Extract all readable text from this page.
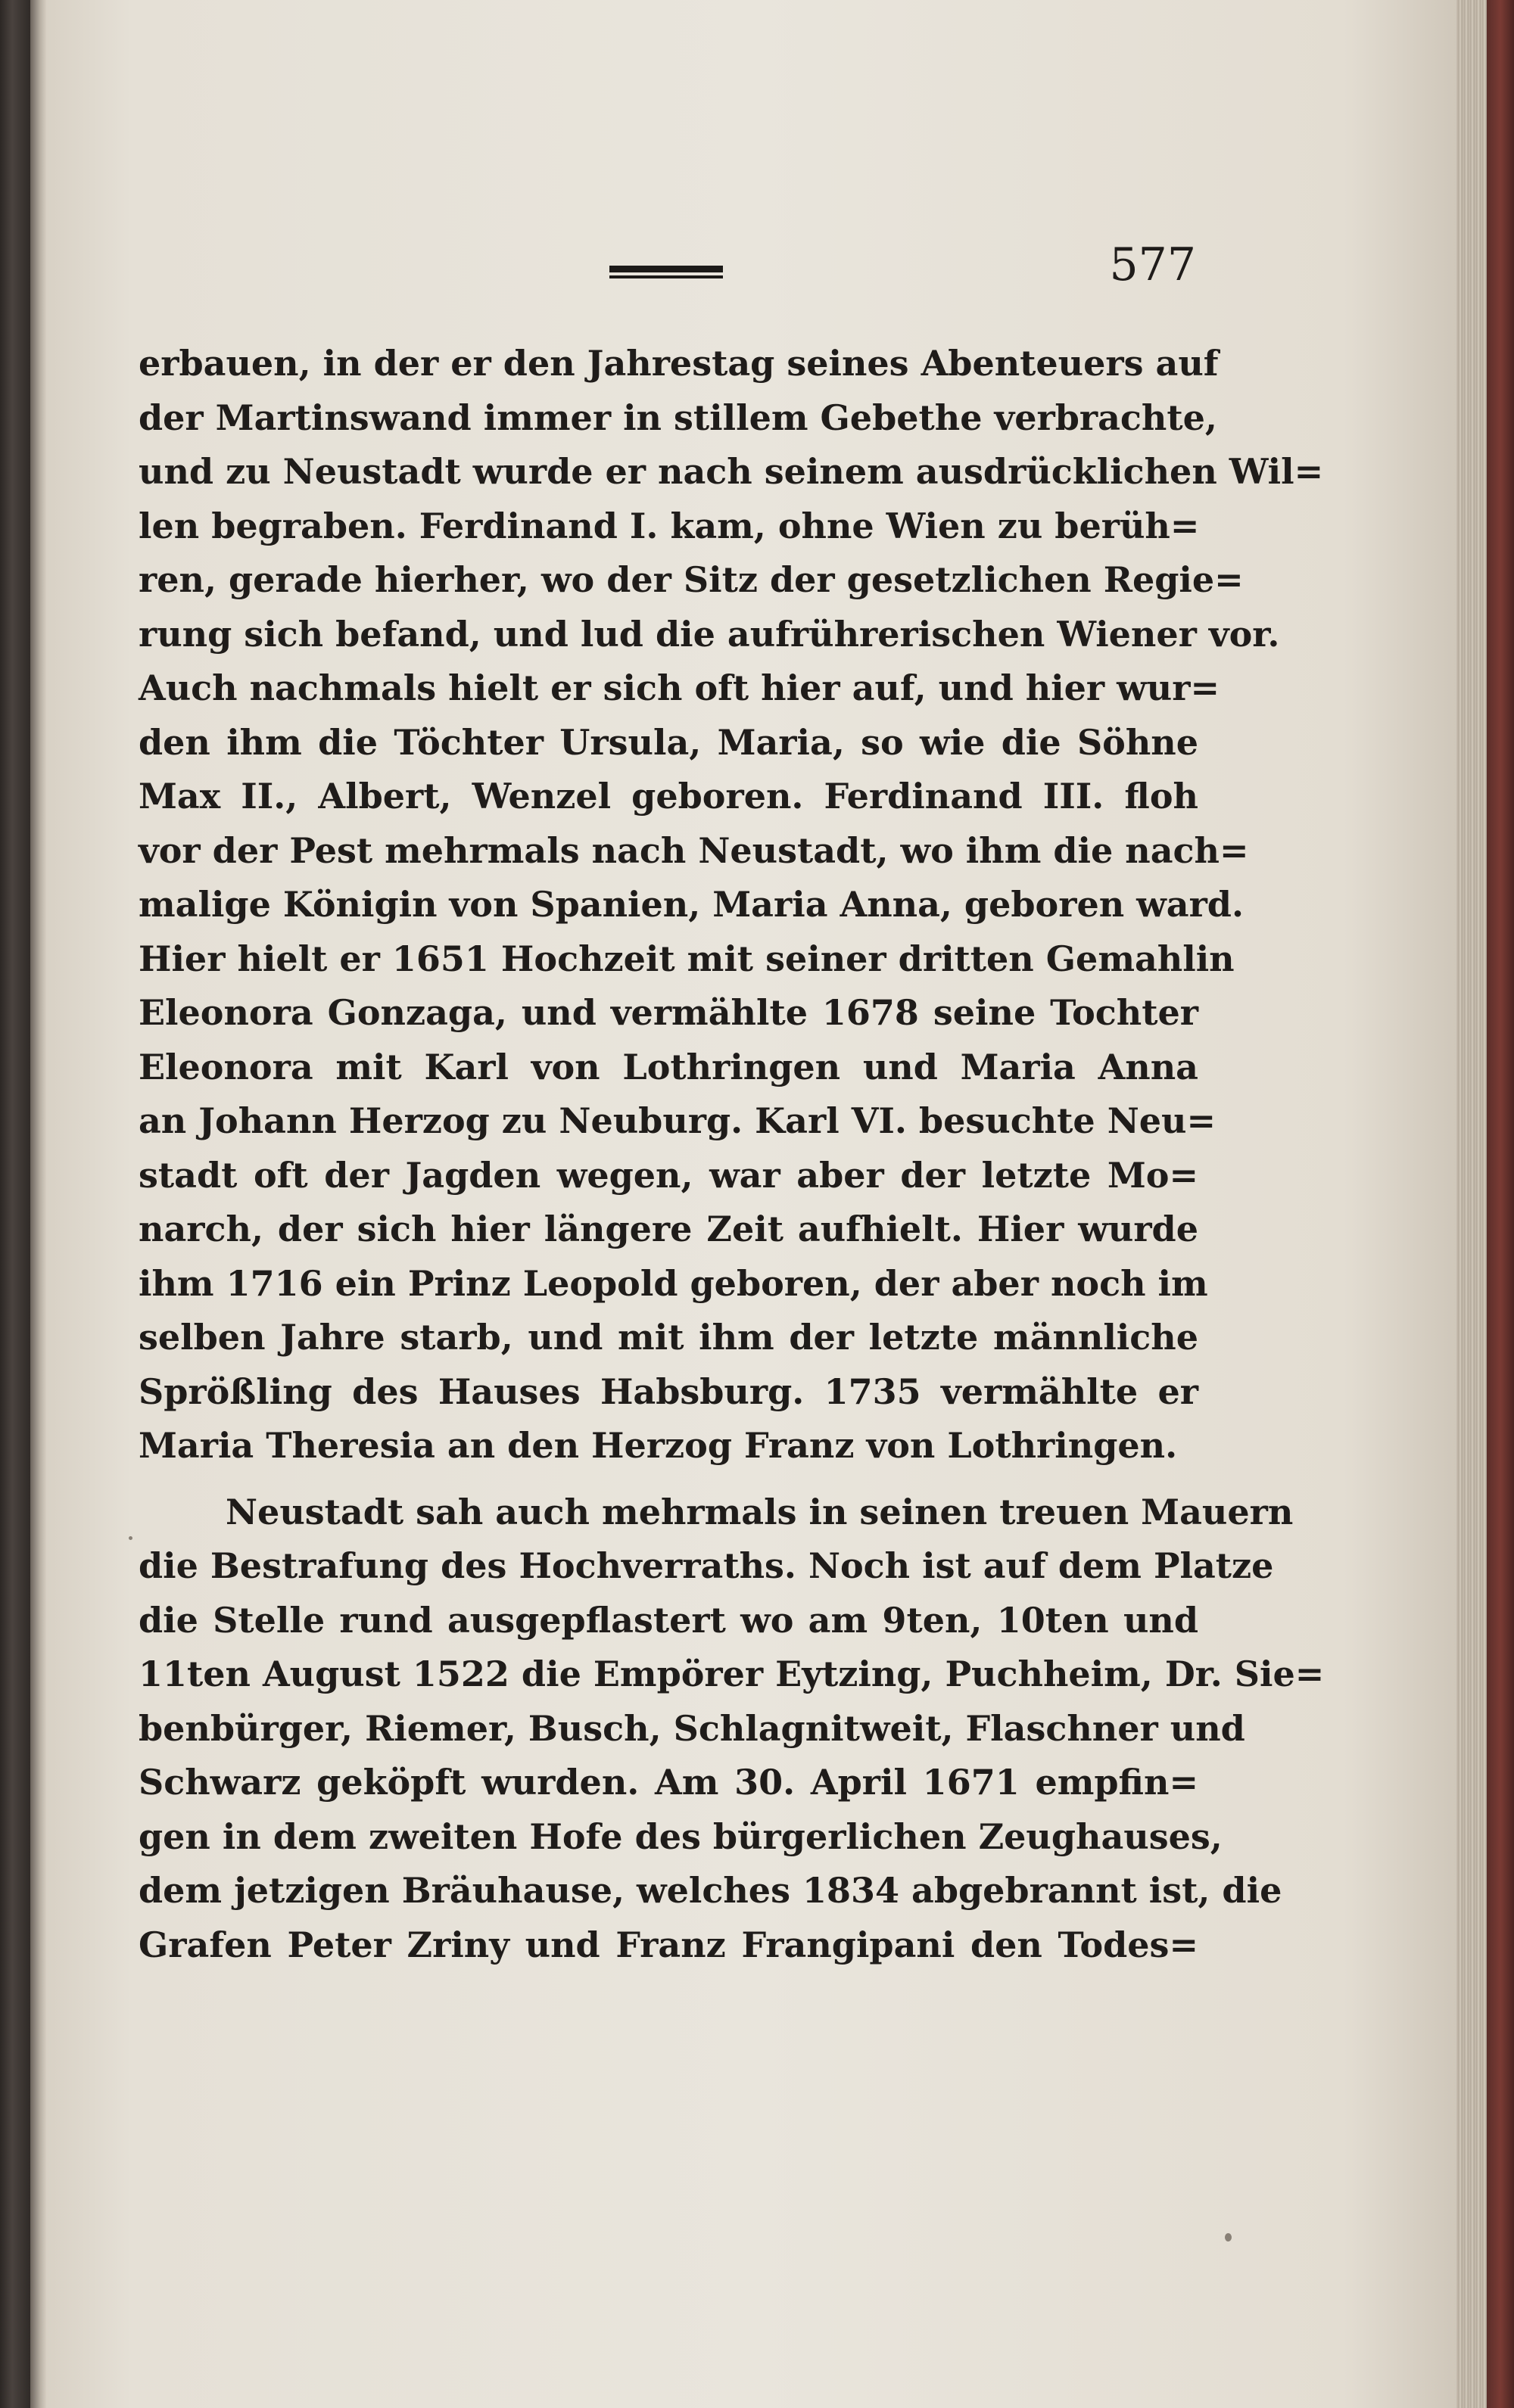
577
erbauen, in der er den Jahrestag seines Abenteuers auf
der Martinswand immer in stillem Gebethe verbrachte,
und zu Neustadt wurde er nach seinem ausdrücklichen Wil=
len begraben. Ferdinand I. kam, ohne Wien zu berüh=
ren, gerade hierher, wo der Sitz der gesetzlichen Regie=
rung sich befand, und lud die aufrührerischen Wiener vor.
Auch nachmals hielt er sich oft hier auf, und hier wur=
den ihm die Töchter Ursula, Maria, so wie die Söhne
Max II., Albert, Wenzel geboren. Ferdinand III. floh
vor der Pest mehrmals nach Neustadt, wo ihm die nach=
malige Königin von Spanien, Maria Anna, geboren ward.
Hier hielt er 1651 Hochzeit mit seiner dritten Gemahlin
Eleonora Gonzaga, und vermählte 1678 seine Tochter
Eleonora mit Karl von Lothringen und Maria Anna
an Johann Herzog zu Neuburg. Karl VI. besuchte Neu=
stadt oft der Jagden wegen, war aber der letzte Mo=
narch, der sich hier längere Zeit aufhielt. Hier wurde
ihm 1716 ein Prinz Leopold geboren, der aber noch im
selben Jahre starb, und mit ihm der letzte männliche
Sprößling des Hauses Habsburg. 1735 vermählte er
Maria Theresia an den Herzog Franz von Lothringen.
Neustadt sah auch mehrmals in seinen treuen Mauern
die Bestrafung des Hochverraths. Noch ist auf dem Platze
die Stelle rund ausgepflastert wo am 9ten, 10ten und
11ten August 1522 die Empörer Eytzing, Puchheim, Dr. Sie=
benbürger, Riemer, Busch, Schlagnitweit, Flaschner und
Schwarz geköpft wurden. Am 30. April 1671 empfin=
gen in dem zweiten Hofe des bürgerlichen Zeughauses,
dem jetzigen Bräuhause, welches 1834 abgebrannt ist, die
Grafen Peter Zriny und Franz Frangipani den Todes=
